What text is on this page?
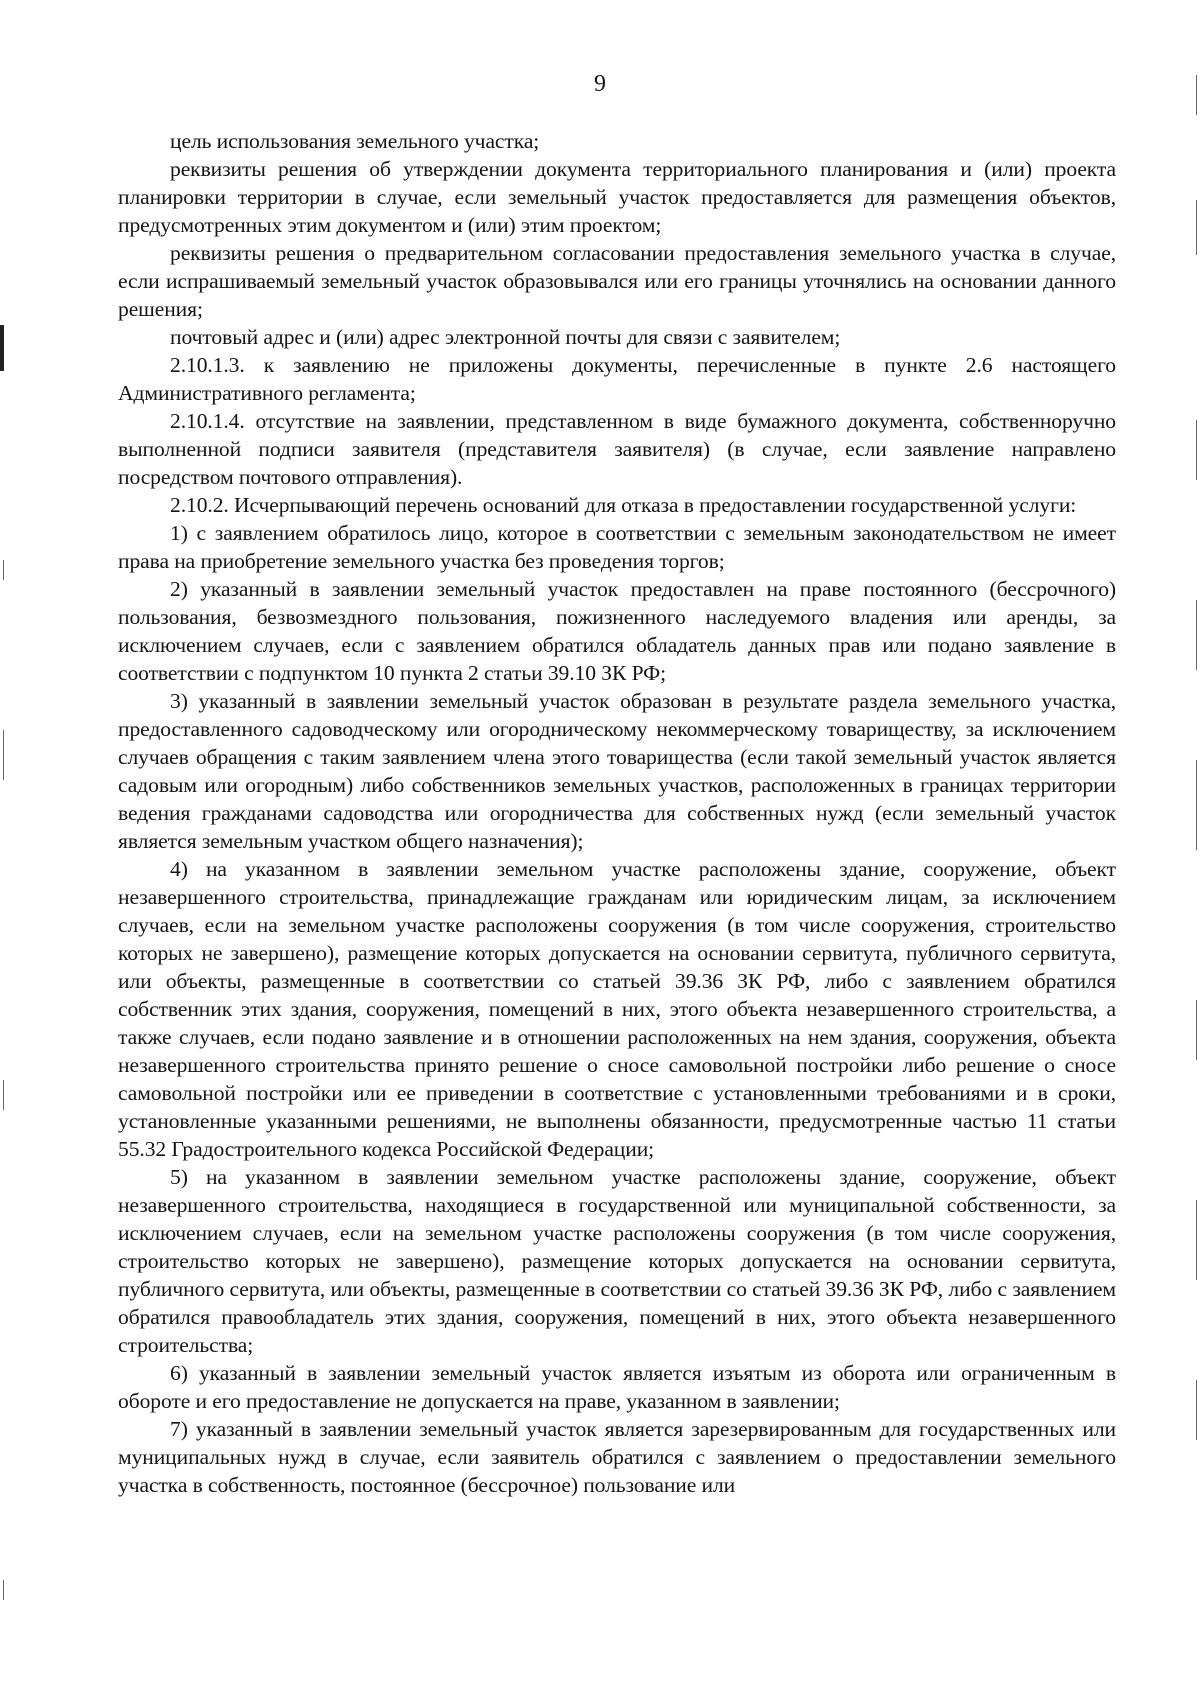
9

цель использования земельного участка;

реквизиты решения об утверждении документа территориального планирования и (или) проекта планировки территории в случае, если земельный участок предоставляется для размещения объектов, предусмотренных этим документом и (или) этим проектом;

реквизиты решения о предварительном согласовании предоставления земельного участка в случае, если испрашиваемый земельный участок образовывался или его границы уточнялись на основании данного решения;

почтовый адрес и (или) адрес электронной почты для связи с заявителем;

2.10.1.3. к заявлению не приложены документы, перечисленные в пункте 2.6 настоящего Административного регламента;

2.10.1.4. отсутствие на заявлении, представленном в виде бумажного документа, собственноручно выполненной подписи заявителя (представителя заявителя) (в случае, если заявление направлено посредством почтового отправления).

2.10.2. Исчерпывающий перечень оснований для отказа в предоставлении государственной услуги:

1) с заявлением обратилось лицо, которое в соответствии с земельным законодательством не имеет права на приобретение земельного участка без проведения торгов;

2) указанный в заявлении земельный участок предоставлен на праве постоянного (бессрочного) пользования, безвозмездного пользования, пожизненного наследуемого владения или аренды, за исключением случаев, если с заявлением обратился обладатель данных прав или подано заявление в соответствии с подпунктом 10 пункта 2 статьи 39.10 ЗК РФ;

3) указанный в заявлении земельный участок образован в результате раздела земельного участка, предоставленного садоводческому или огородническому некоммерческому товариществу, за исключением случаев обращения с таким заявлением члена этого товарищества (если такой земельный участок является садовым или огородным) либо собственников земельных участков, расположенных в границах территории ведения гражданами садоводства или огородничества для собственных нужд (если земельный участок является земельным участком общего назначения);

4) на указанном в заявлении земельном участке расположены здание, сооружение, объект незавершенного строительства, принадлежащие гражданам или юридическим лицам, за исключением случаев, если на земельном участке расположены сооружения (в том числе сооружения, строительство которых не завершено), размещение которых допускается на основании сервитута, публичного сервитута, или объекты, размещенные в соответствии со статьей 39.36 ЗК РФ, либо с заявлением обратился собственник этих здания, сооружения, помещений в них, этого объекта незавершенного строительства, а также случаев, если подано заявление и в отношении расположенных на нем здания, сооружения, объекта незавершенного строительства принято решение о сносе самовольной постройки либо решение о сносе самовольной постройки или ее приведении в соответствие с установленными требованиями и в сроки, установленные указанными решениями, не выполнены обязанности, предусмотренные частью 11 статьи 55.32 Градостроительного кодекса Российской Федерации;

5) на указанном в заявлении земельном участке расположены здание, сооружение, объект незавершенного строительства, находящиеся в государственной или муниципальной собственности, за исключением случаев, если на земельном участке расположены сооружения (в том числе сооружения, строительство которых не завершено), размещение которых допускается на основании сервитута, публичного сервитута, или объекты, размещенные в соответствии со статьей 39.36 ЗК РФ, либо с заявлением обратился правообладатель этих здания, сооружения, помещений в них, этого объекта незавершенного строительства;

6) указанный в заявлении земельный участок является изъятым из оборота или ограниченным в обороте и его предоставление не допускается на праве, указанном в заявлении;

7) указанный в заявлении земельный участок является зарезервированным для государственных или муниципальных нужд в случае, если заявитель обратился с заявлением о предоставлении земельного участка в собственность, постоянное (бессрочное) пользование или
